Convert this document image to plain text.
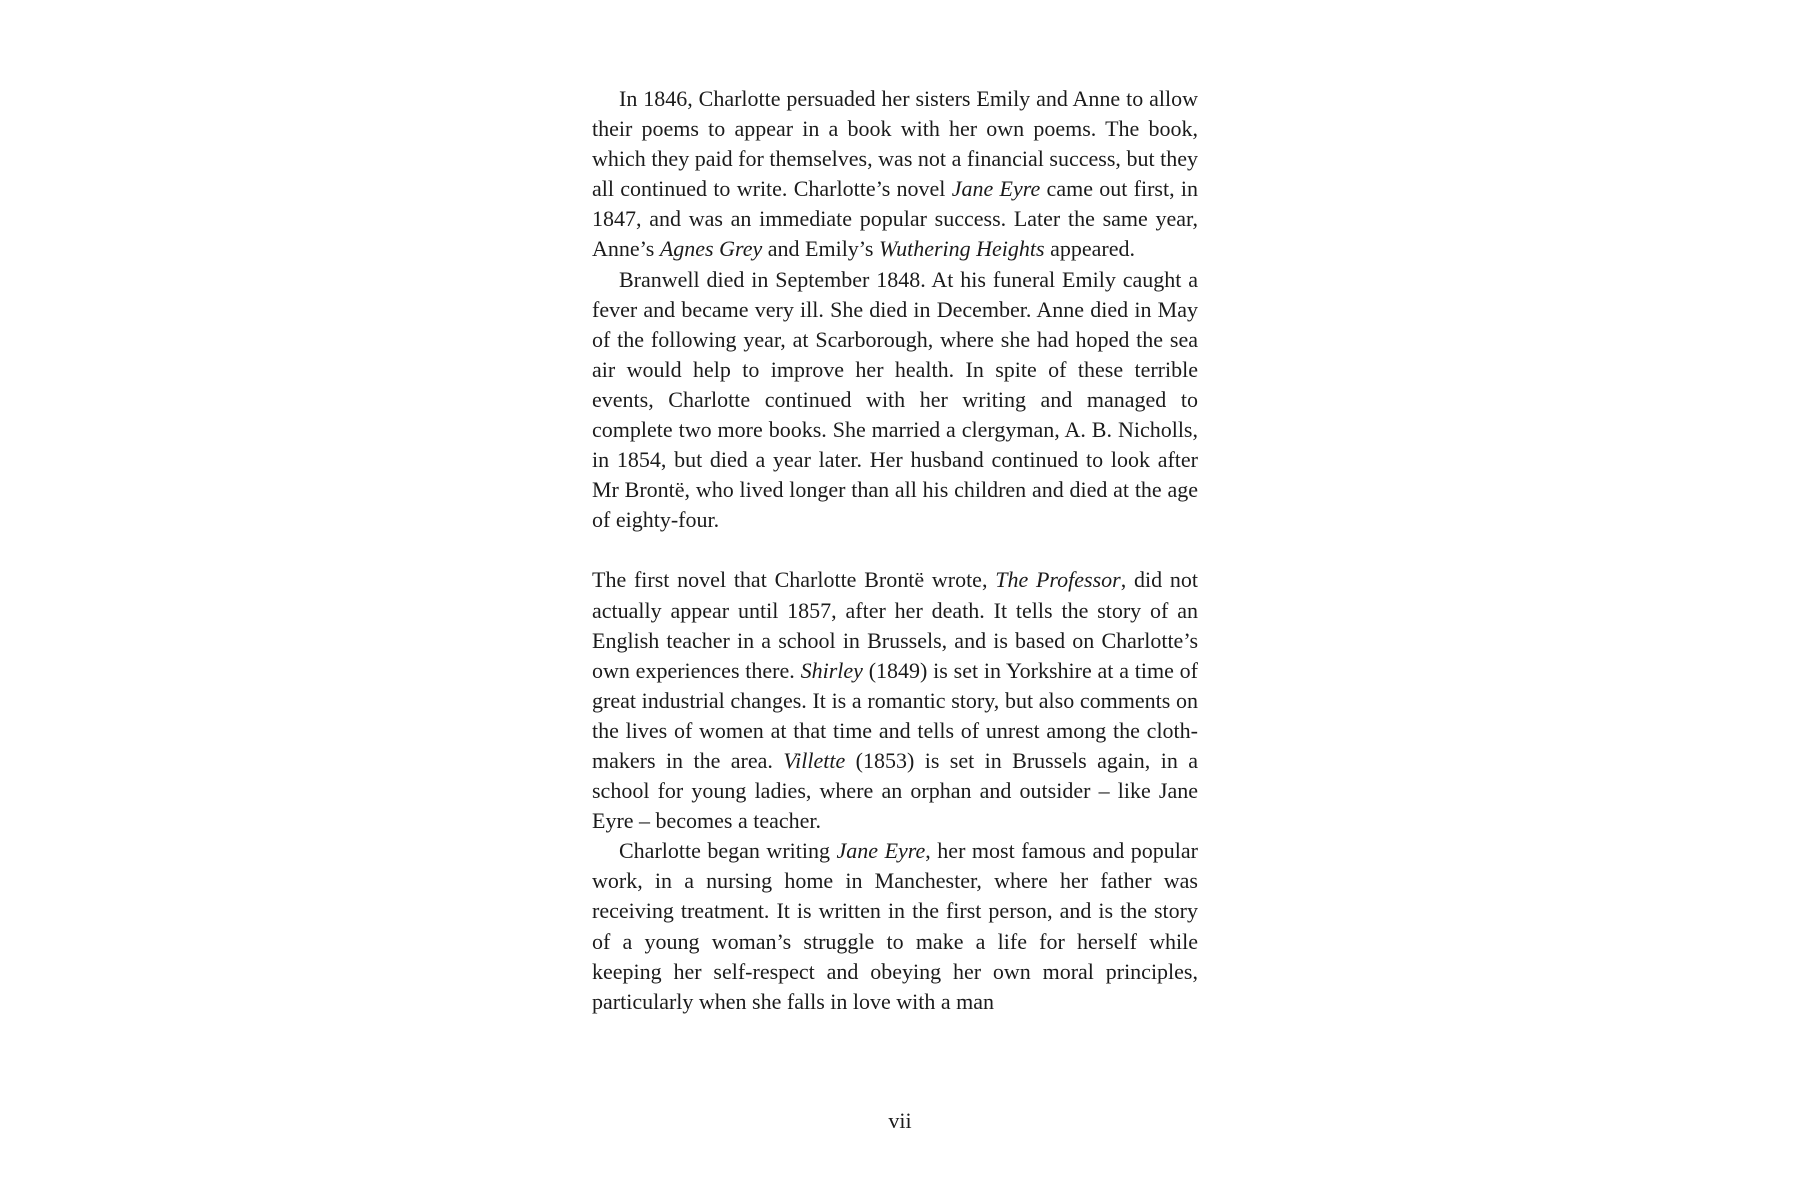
In 1846, Charlotte persuaded her sisters Emily and Anne to allow their poems to appear in a book with her own poems. The book, which they paid for themselves, was not a financial success, but they all continued to write. Charlotte’s novel Jane Eyre came out first, in 1847, and was an immediate popular success. Later the same year, Anne’s Agnes Grey and Emily’s Wuthering Heights appeared.

Branwell died in September 1848. At his funeral Emily caught a fever and became very ill. She died in December. Anne died in May of the following year, at Scarborough, where she had hoped the sea air would help to improve her health. In spite of these terrible events, Charlotte continued with her writing and managed to complete two more books. She married a clergyman, A. B. Nicholls, in 1854, but died a year later. Her husband continued to look after Mr Brontë, who lived longer than all his children and died at the age of eighty-four.

The first novel that Charlotte Brontë wrote, The Professor, did not actually appear until 1857, after her death. It tells the story of an English teacher in a school in Brussels, and is based on Charlotte’s own experiences there. Shirley (1849) is set in Yorkshire at a time of great industrial changes. It is a romantic story, but also comments on the lives of women at that time and tells of unrest among the cloth-makers in the area. Villette (1853) is set in Brussels again, in a school for young ladies, where an orphan and outsider – like Jane Eyre – becomes a teacher.

Charlotte began writing Jane Eyre, her most famous and popular work, in a nursing home in Manchester, where her father was receiving treatment. It is written in the first person, and is the story of a young woman’s struggle to make a life for herself while keeping her self-respect and obeying her own moral principles, particularly when she falls in love with a man

vii
